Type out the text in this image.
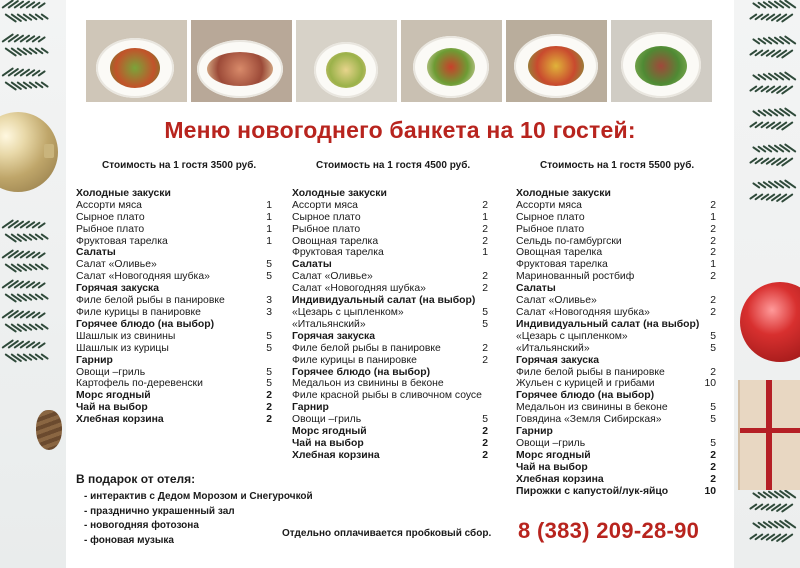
Меню новогоднего банкета на 10 гостей:
Стоимость на 1 гостя 3500 руб.
Холодные закуски
Ассорти мяса	1
Сырное плато	1
Рыбное плато	1
Фруктовая тарелка	1
Салаты
Салат «Оливье»	5
Салат «Новогодняя шубка»	5
Горячая закуска
Филе белой рыбы в панировке	3
Филе курицы в панировке	3
Горячее блюдо (на выбор)
Шашлык из свинины	5
Шашлык из курицы	5
Гарнир
Овощи –гриль	5
Картофель по-деревенски	5
Морс ягодный	2
Чай на выбор	2
Хлебная корзина	2
Стоимость на 1 гостя 4500 руб.
Холодные закуски
Ассорти мяса	2
Сырное плато	1
Рыбное плато	2
Овощная тарелка	2
Фруктовая тарелка	1
Салаты
Салат «Оливье»	2
Салат «Новогодняя шубка»	2
Индивидуальный салат (на выбор)
«Цезарь с цыпленком»	5
«Итальянский»	5
Горячая закуска
Филе белой рыбы в панировке	2
Филе курицы в панировке	2
Горячее блюдо (на выбор)
Медальон из свинины в беконе
Филе красной рыбы в сливочном соусе
Гарнир
Овощи –гриль	5
Морс ягодный	2
Чай на выбор	2
Хлебная корзина	2
Стоимость на 1 гостя 5500 руб.
Холодные закуски
Ассорти мяса	2
Сырное плато	1
Рыбное плато	2
Сельдь по-гамбургски	2
Овощная тарелка	2
Фруктовая тарелка	1
Маринованный ростбиф	2
Салаты
Салат «Оливье»	2
Салат «Новогодняя шубка»	2
Индивидуальный салат (на выбор)
«Цезарь с цыпленком»	5
«Итальянский»	5
Горячая закуска
Филе белой рыбы в панировке	2
Жульен с курицей и грибами	10
Горячее блюдо (на выбор)
Медальон из свинины в беконе	5
Говядина «Земля Сибирская»	5
Гарнир
Овощи –гриль	5
Морс ягодный	2
Чай на выбор	2
Хлебная корзина	2
Пирожки с капустой/лук-яйцо	10
В подарок от отеля:
- интерактив с Дедом Морозом и Снегурочкой
- празднично украшенный зал
- новогодняя фотозона
- фоновая музыка
Отдельно оплачивается пробковый сбор. 8 (383) 209-28-90
